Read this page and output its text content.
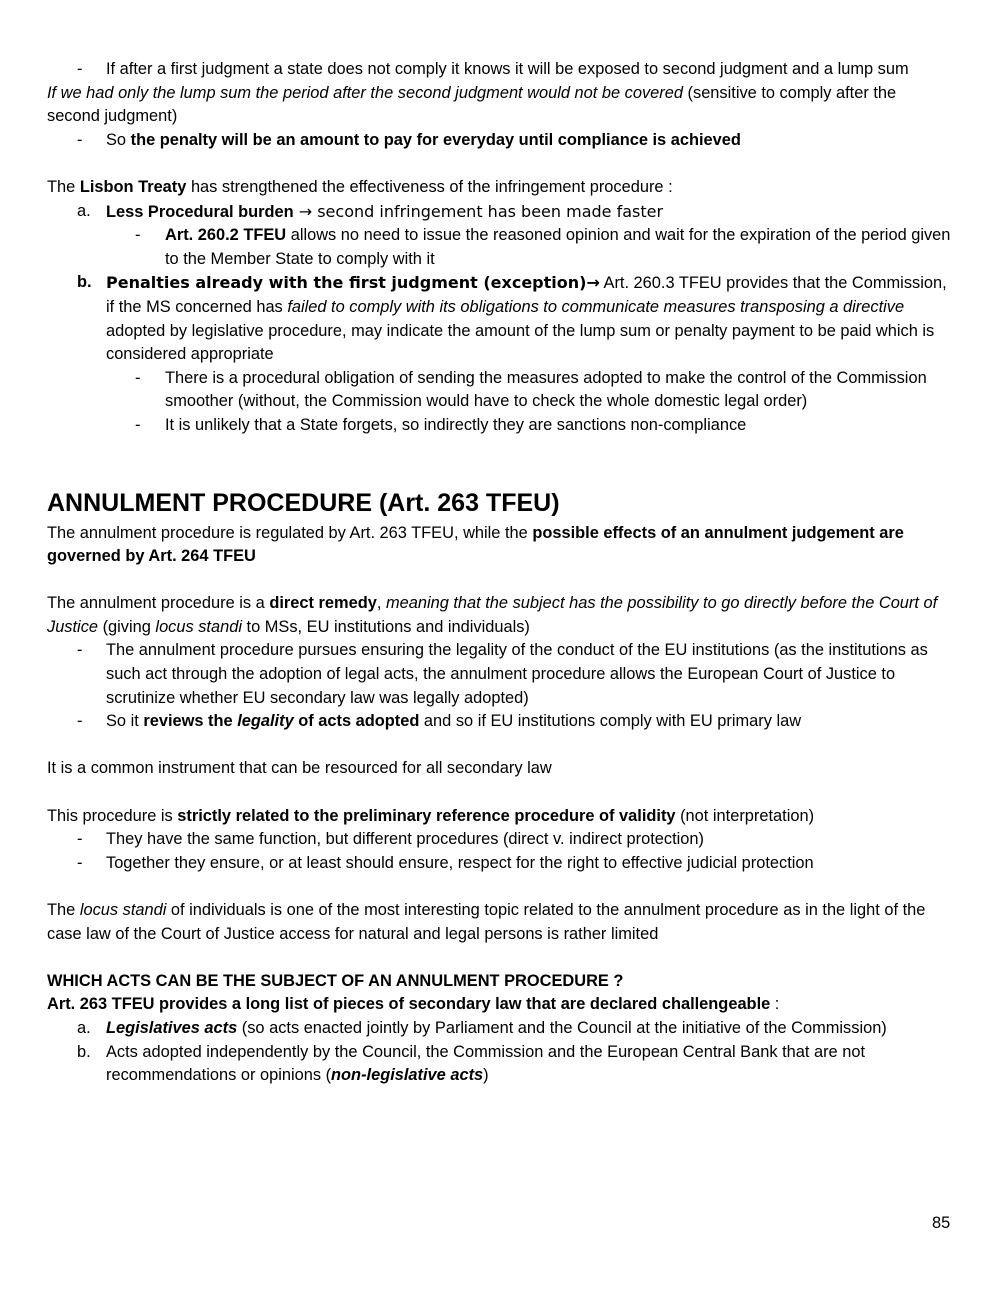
- If after a first judgment a state does not comply it knows it will be exposed to second judgment and a lump sum

If we had only the lump sum the period after the second judgment would not be covered (sensitive to comply after the second judgment)

- So the penalty will be an amount to pay for everyday until compliance is achieved

The Lisbon Treaty has strengthened the effectiveness of the infringement procedure :

a. Less Procedural burden → second infringement has been made faster
- Art. 260.2 TFEU allows no need to issue the reasoned opinion and wait for the expiration of the period given to the Member State to comply with it
b. Penalties already with the first judgment (exception)→ Art. 260.3 TFEU provides that the Commission, if the MS concerned has failed to comply with its obligations to communicate measures transposing a directive adopted by legislative procedure, may indicate the amount of the lump sum or penalty payment to be paid which is considered appropriate
- There is a procedural obligation of sending the measures adopted to make the control of the Commission smoother (without, the Commission would have to check the whole domestic legal order)
- It is unlikely that a State forgets, so indirectly they are sanctions non-compliance
ANNULMENT PROCEDURE (Art. 263 TFEU)

The annulment procedure is regulated by Art. 263 TFEU, while the possible effects of an annulment judgement are governed by Art. 264 TFEU

The annulment procedure is a direct remedy, meaning that the subject has the possibility to go directly before the Court of Justice (giving locus standi to MSs, EU institutions and individuals)

- The annulment procedure pursues ensuring the legality of the conduct of the EU institutions (as the institutions as such act through the adoption of legal acts, the annulment procedure allows the European Court of Justice to scrutinize whether EU secondary law was legally adopted)
- So it reviews the legality of acts adopted and so if EU institutions comply with EU primary law

It is a common instrument that can be resourced for all secondary law

This procedure is strictly related to the preliminary reference procedure of validity (not interpretation)

- They have the same function, but different procedures (direct v. indirect protection)
- Together they ensure, or at least should ensure, respect for the right to effective judicial protection

The locus standi of individuals is one of the most interesting topic related to the annulment procedure as in the light of the case law of the Court of Justice access for natural and legal persons is rather limited

WHICH ACTS CAN BE THE SUBJECT OF AN ANNULMENT PROCEDURE ?

Art. 263 TFEU provides a long list of pieces of secondary law that are declared challengeable :

a. Legislatives acts (so acts enacted jointly by Parliament and the Council at the initiative of the Commission)
b. Acts adopted independently by the Council, the Commission and the European Central Bank that are not recommendations or opinions (non-legislative acts)
85
